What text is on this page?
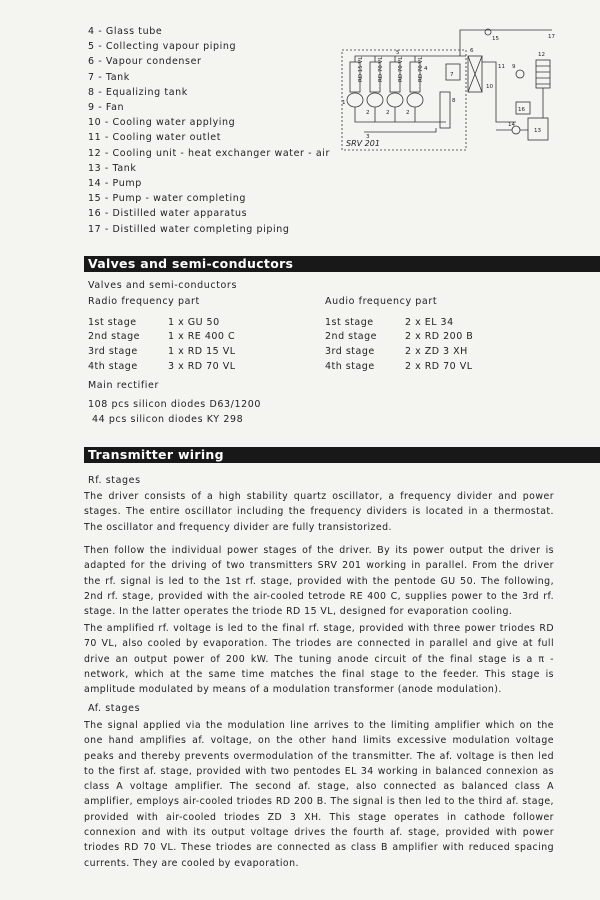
4 - Glass tube
5 - Collecting vapour piping
6 - Vapour condenser
7 - Tank
8 - Equalizing tank
9 - Fan
10 - Cooling water applying
11 - Cooling water outlet
12 - Cooling unit - heat exchanger water - air
13 - Tank
14 - Pump
15 - Pump - water completing
16 - Distilled water apparatus
17 - Distilled water completing piping
RD 15 VL	RD 70 VL	RD 70 VL	RD 70 VL
1
2	2	2
3
4
5	6
7
8
9
10
11
12
13
14
15
16
17
SRV 201
Valves and semi-conductors
Valves and semi-conductors
Radio frequency part	Audio frequency part
1st stage	1 x GU 50
2nd stage	1 x RE 400 C
3rd stage	1 x RD 15 VL
4th stage	3 x RD 70 VL
1st stage	2 x EL 34
2nd stage	2 x RD 200 B
3rd stage	2 x ZD 3 XH
4th stage	2 x RD 70 VL
Main rectifier
108 pcs silicon diodes D63/1200
44 pcs silicon diodes KY 298
Transmitter wiring
Rf. stages

The driver consists of a high stability quartz oscillator, a frequency divider and power stages. The entire oscillator including the frequency dividers is located in a thermostat. The oscillator and frequency divider are fully transistorized.

Then follow the individual power stages of the driver. By its power output the driver is adapted for the driving of two transmitters SRV 201 working in parallel. From the driver the rf. signal is led to the 1st rf. stage, provided with the pentode GU 50. The following, 2nd rf. stage, provided with the air-cooled tetrode RE 400 C, supplies power to the 3rd rf. stage. In the latter operates the triode RD 15 VL, designed for evaporation cooling.

The amplified rf. voltage is led to the final rf. stage, provided with three power triodes RD 70 VL, also cooled by evaporation. The triodes are connected in parallel and give at full drive an output power of 200 kW. The tuning anode circuit of the final stage is a π -network, which at the same time matches the final stage to the feeder. This stage is amplitude modulated by means of a modulation transformer (anode modulation).

Af. stages

The signal applied via the modulation line arrives to the limiting amplifier which on the one hand amplifies af. voltage, on the other hand limits excessive modulation voltage peaks and thereby prevents overmodulation of the transmitter. The af. voltage is then led to the first af. stage, provided with two pentodes EL 34 working in balanced connexion as class A voltage amplifier. The second af. stage, also connected as balanced class A amplifier, employs air-cooled triodes RD 200 B. The signal is then led to the third af. stage, provided with air-cooled triodes ZD 3 XH. This stage operates in cathode follower connexion and with its output voltage drives the fourth af. stage, provided with power triodes RD 70 VL. These triodes are connected as class B amplifier with reduced spacing currents. They are cooled by evaporation.
